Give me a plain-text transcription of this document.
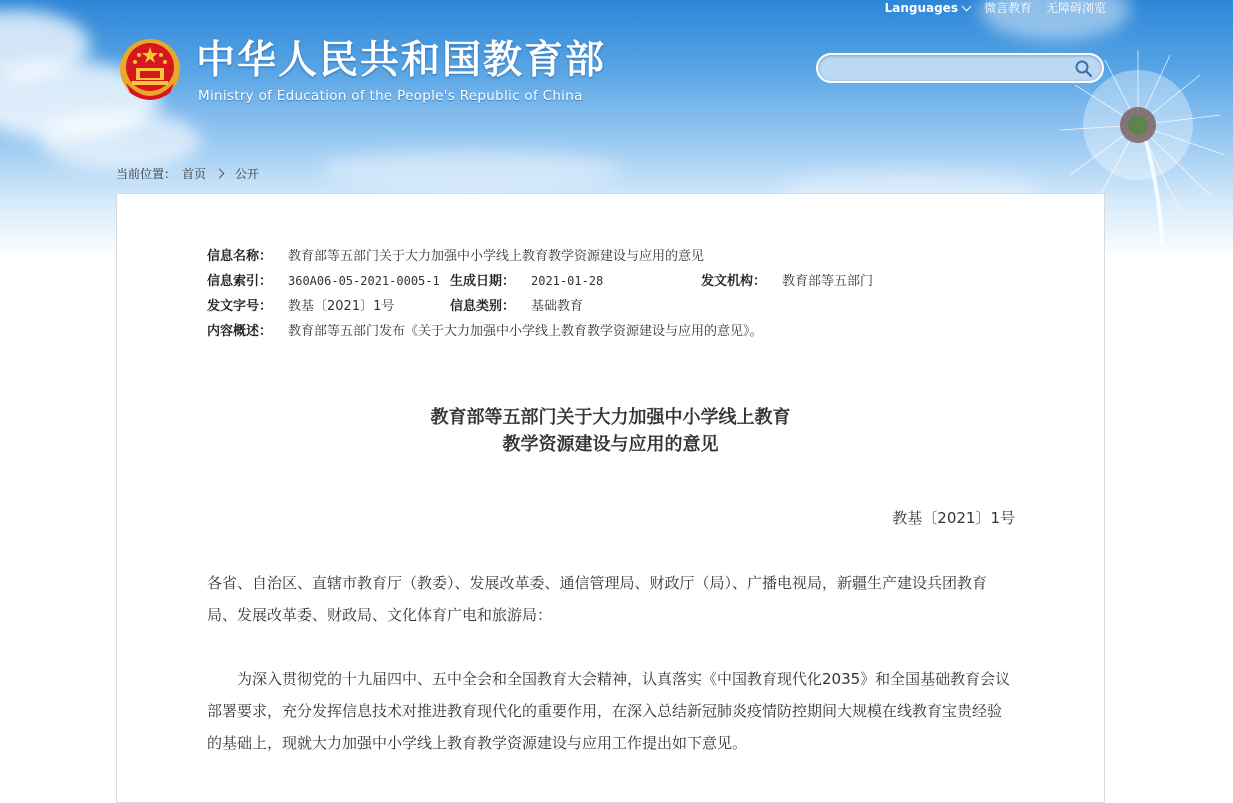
Languages 微言教育 无障碍浏览
中华人民共和国教育部
Ministry of Education of the People's Republic of China
当前位置： 首页 公开
信息名称： 教育部等五部门关于大力加强中小学线上教育教学资源建设与应用的意见
信息索引： 360A06-05-2021-0005-1 生成日期： 2021-01-28	发文机构： 教育部等五部门
发文字号： 教基〔2021〕1号	信息类别： 基础教育
内容概述： 教育部等五部门发布《关于大力加强中小学线上教育教学资源建设与应用的意见》。
教育部等五部门关于大力加强中小学线上教育
教学资源建设与应用的意见
教基〔2021〕1号

各省、自治区、直辖市教育厅（教委）、发展改革委、通信管理局、财政厅（局）、广播电视局，新疆生产建设兵团教育局、发展改革委、财政局、文化体育广电和旅游局：

为深入贯彻党的十九届四中、五中全会和全国教育大会精神，认真落实《中国教育现代化2035》和全国基础教育会议部署要求，充分发挥信息技术对推进教育现代化的重要作用，在深入总结新冠肺炎疫情防控期间大规模在线教育宝贵经验的基础上，现就大力加强中小学线上教育教学资源建设与应用工作提出如下意见。
